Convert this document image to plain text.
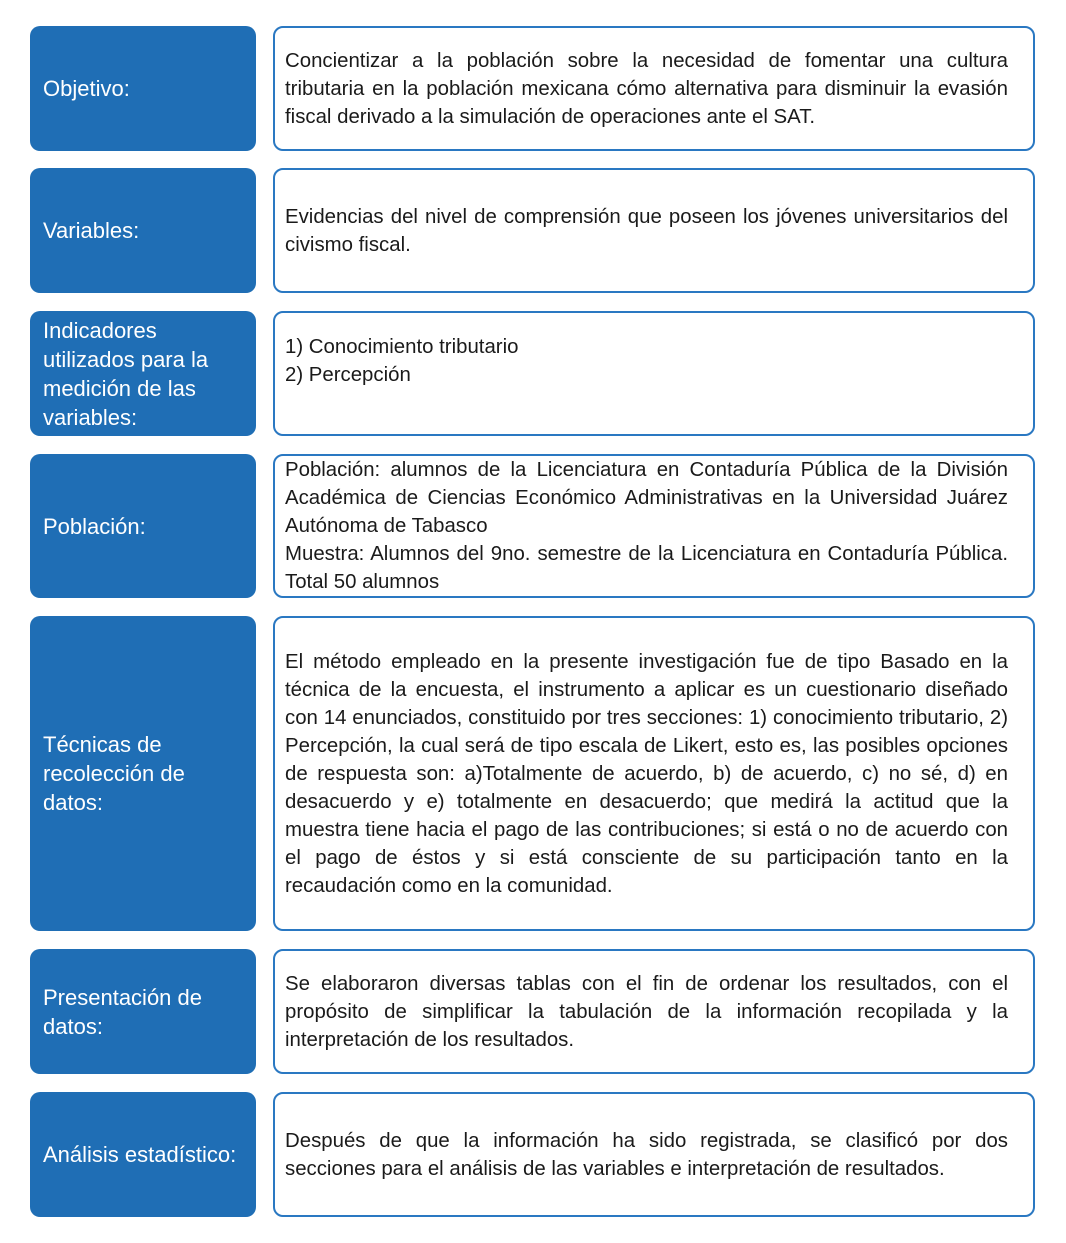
Objetivo:
Concientizar a la población sobre la necesidad de fomentar una cultura tributaria en la población mexicana cómo alternativa para disminuir la evasión fiscal derivado a la simulación de operaciones ante el SAT.
Variables:
Evidencias del nivel de comprensión que poseen los jóvenes universitarios del civismo fiscal.
Indicadores utilizados para la medición de las variables:
1) Conocimiento tributario
2) Percepción
Población:
Población: alumnos de la Licenciatura en Contaduría Pública de la División Académica de Ciencias Económico Administrativas en la Universidad Juárez Autónoma de Tabasco
Muestra: Alumnos del 9no. semestre de la Licenciatura en Contaduría Pública. Total 50 alumnos
Técnicas de recolección de datos:
El método empleado en la presente investigación fue de tipo Basado en la técnica de la encuesta, el instrumento a aplicar es un cuestionario diseñado con 14 enunciados, constituido por tres secciones: 1) conocimiento tributario, 2) Percepción, la cual será de tipo escala de Likert, esto es, las posibles opciones de respuesta son: a)Totalmente de acuerdo, b) de acuerdo, c) no sé, d) en desacuerdo y e) totalmente en desacuerdo; que medirá la actitud que la muestra tiene hacia el pago de las contribuciones; si está o no de acuerdo con el pago de éstos y si está consciente de su participación tanto en la recaudación como en la comunidad.
Presentación de datos:
Se elaboraron diversas tablas con el fin de ordenar los resultados, con el propósito de simplificar la tabulación de la información recopilada y la interpretación de los resultados.
Análisis estadístico:
Después de que la información ha sido registrada, se clasificó por dos secciones para el análisis de las variables e interpretación de resultados.
